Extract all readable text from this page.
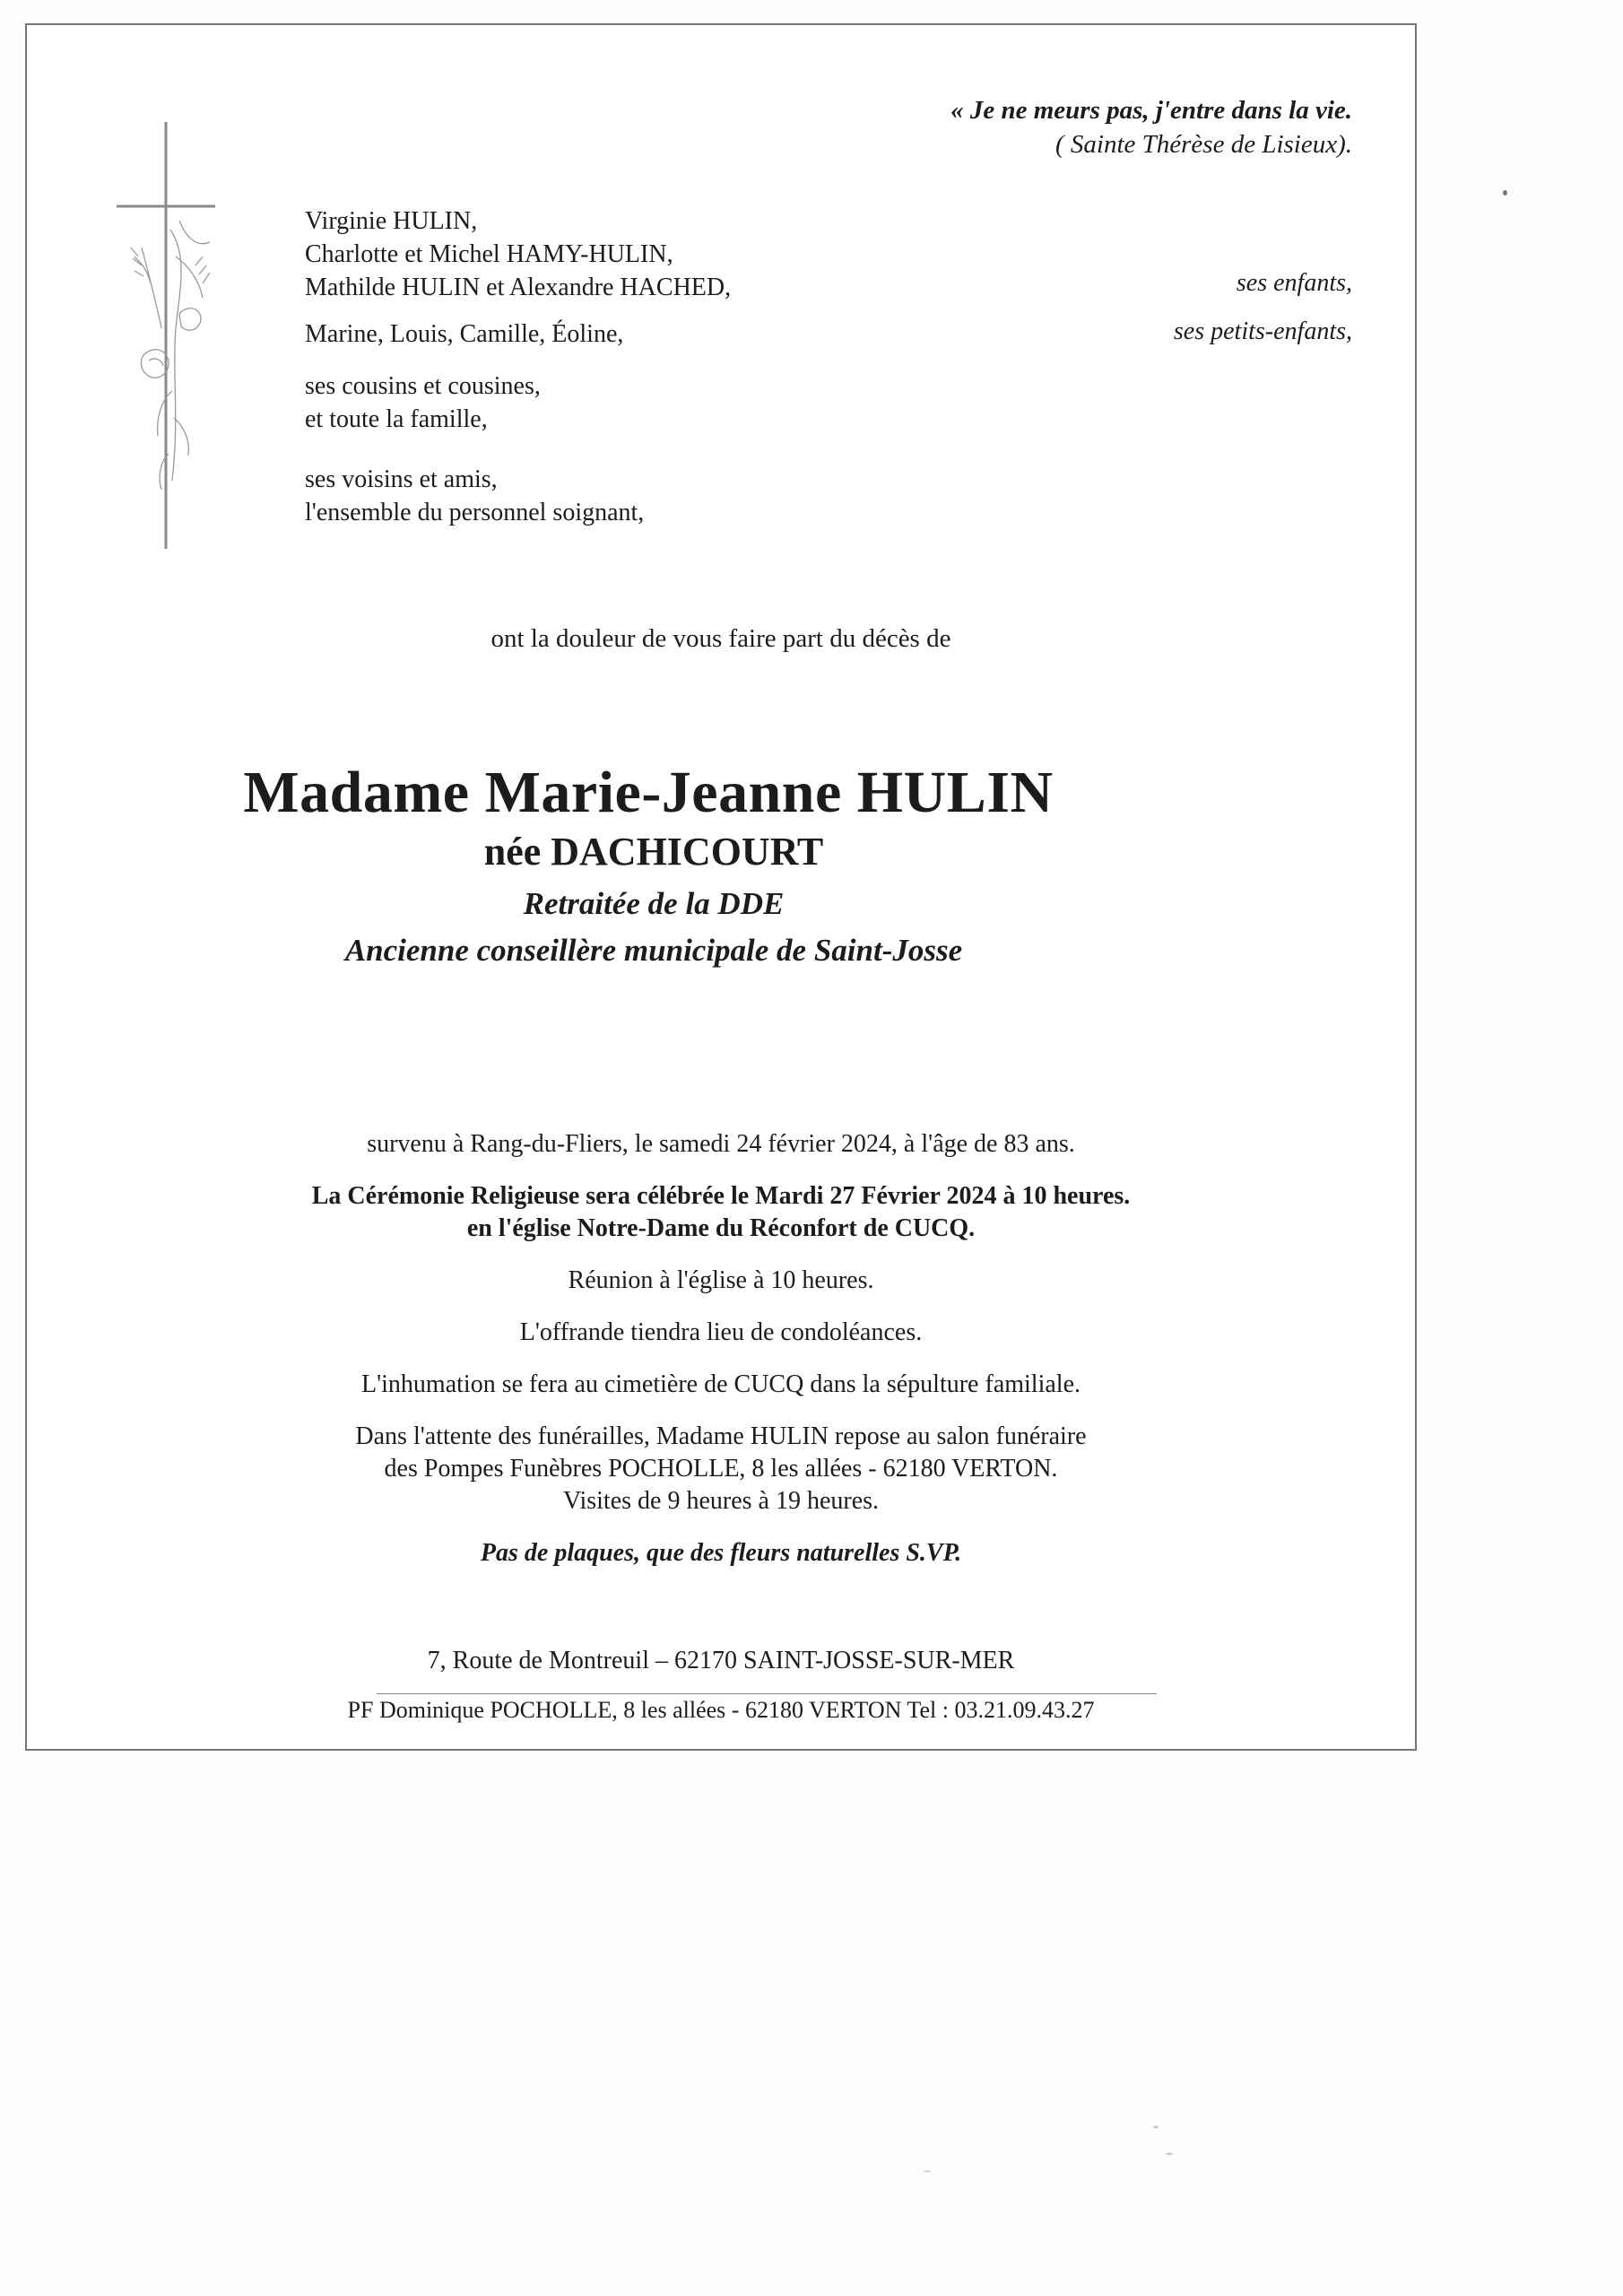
« Je ne meurs pas, j'entre dans la vie.
( Sainte Thérèse de Lisieux).
Virginie HULIN,
Charlotte et Michel HAMY-HULIN,
Mathilde HULIN et Alexandre HACHED,	ses enfants,
Marine, Louis, Camille, Éoline,	ses petits-enfants,
ses cousins et cousines,
et toute la famille,
ses voisins et amis,
l'ensemble du personnel soignant,
ont la douleur de vous faire part du décès de
Madame Marie-Jeanne HULIN
née DACHICOURT
Retraitée de la DDE
Ancienne conseillère municipale de Saint-Josse
survenu à Rang-du-Fliers, le samedi 24 février 2024, à l'âge de 83 ans.
La Cérémonie Religieuse sera célébrée le Mardi 27 Février 2024 à 10 heures.
en l'église Notre-Dame du Réconfort de CUCQ.
Réunion à l'église à 10 heures.
L'offrande tiendra lieu de condoléances.
L'inhumation se fera au cimetière de CUCQ dans la sépulture familiale.
Dans l'attente des funérailles, Madame HULIN repose au salon funéraire
des Pompes Funèbres POCHOLLE, 8 les allées - 62180 VERTON.
Visites de 9 heures à 19 heures.
Pas de plaques, que des fleurs naturelles S.VP.
7, Route de Montreuil – 62170 SAINT-JOSSE-SUR-MER
PF Dominique POCHOLLE, 8 les allées - 62180 VERTON Tel : 03.21.09.43.27
